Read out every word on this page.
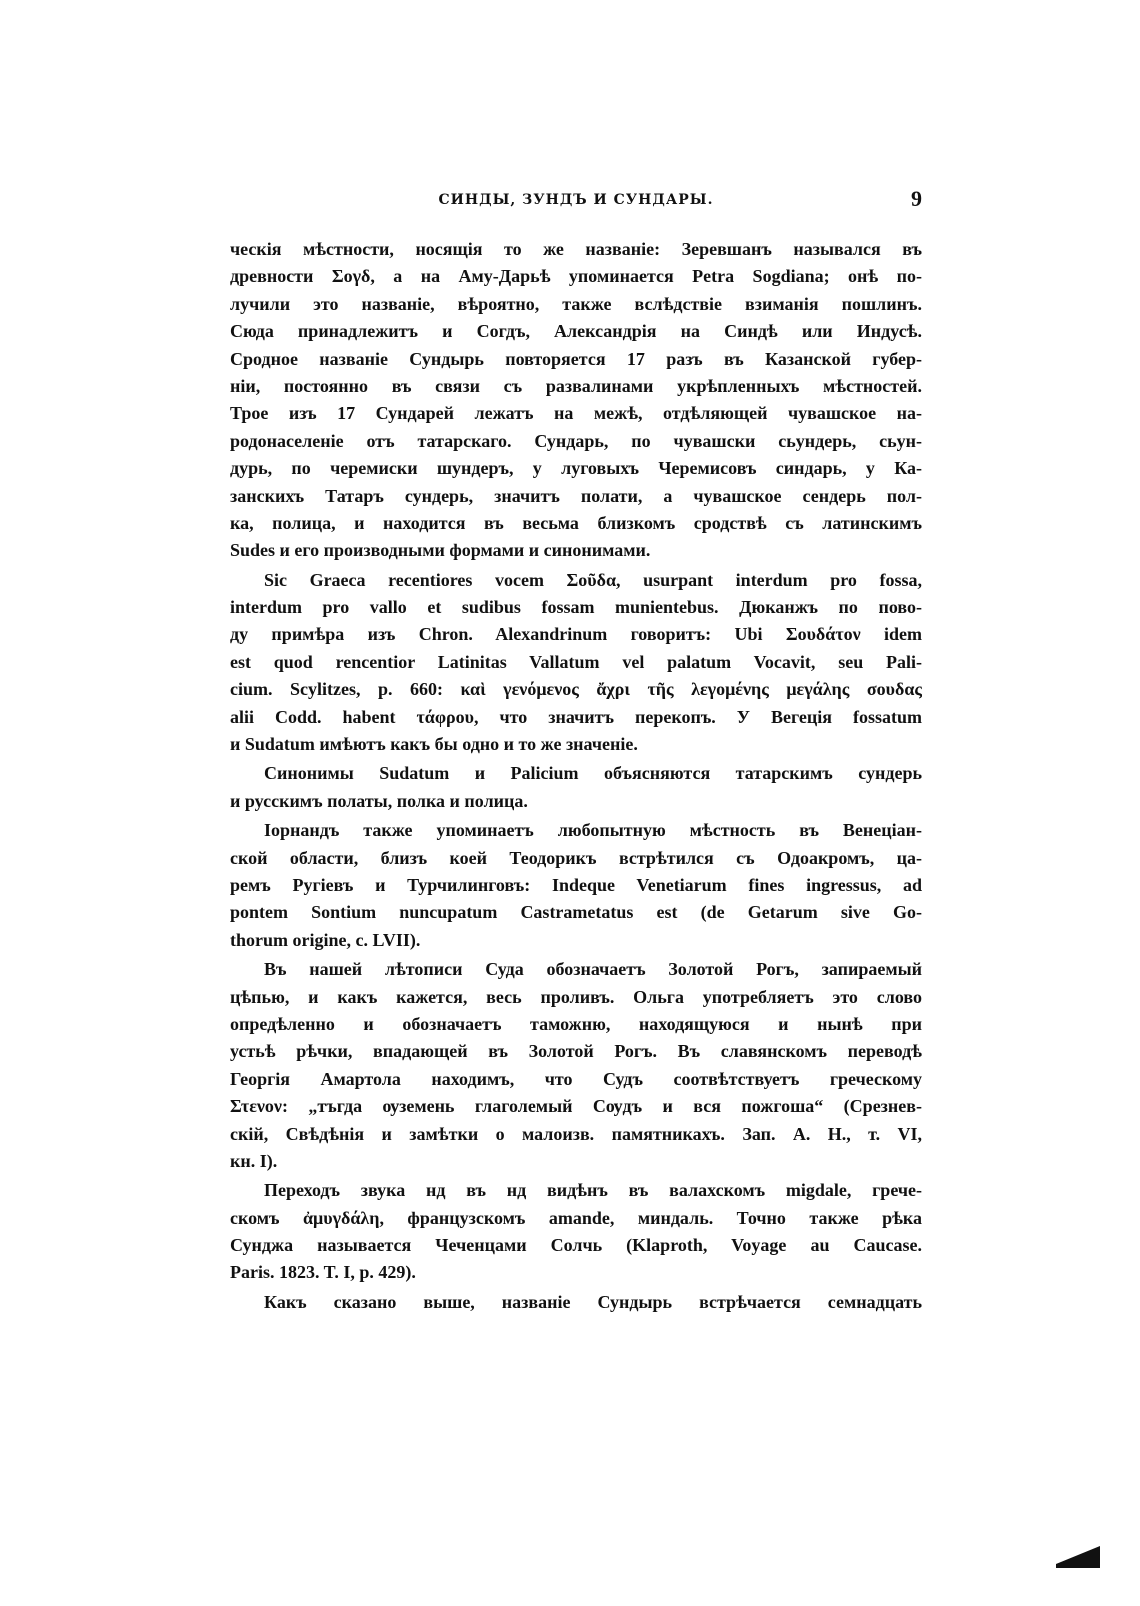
СИНДЫ, ЗУНДЪ И СУНДАРЫ.	9
ческія мѣстности, носящія то же названіе: Зеревшанъ назывался въ
древности Σογδ, а на Аму-Дарьѣ упоминается Petra Sogdiana; онѣ по-
лучили это названіе, вѣроятно, также вслѣдствіе взиманія пошлинъ.
Сюда принадлежитъ и Согдъ, Александрія на Синдѣ или Индусѣ.
Сродное названіе Сундырь повторяется 17 разъ въ Казанской губер-
ніи, постоянно въ связи съ развалинами укрѣпленныхъ мѣстностей.
Трое изъ 17 Сундарей лежатъ на межѣ, отдѣляющей чувашское на-
родонаселеніе отъ татарскаго. Сундарь, по чувашски сьундерь, сьун-
дурь, по черемиски шундеръ, у луговыхъ Черемисовъ синдарь, у Ка-
занскихъ Татаръ сундерь, значитъ полати, а чувашское сендерь пол-
ка, полица, и находится въ весьма близкомъ сродствѣ съ латинскимъ
Sudes и его производными формами и синонимами.
Sic Graeca recentiores vocem Σοῦδα, usurpant interdum pro fossa,
interdum pro vallo et sudibus fossam munientebus. Дюканжъ по пово-
ду примѣра изъ Chron. Alexandrinum говоритъ: Ubi Σουδάτον idem
est quod rencentior Latinitas Vallatum vel palatum Vocavit, seu Pali-
cium. Scylitzes, p. 660: καὶ γενόμενος ἄχρι τῆς λεγομένης μεγάλης σουδας
alii Codd. habent τάφρου, что значитъ перекопъ. У Вегеція fossatum
и Sudatum имѣютъ какъ бы одно и то же значеніе.
Синонимы Sudatum и Palicium объясняются татарскимъ сундерь
и русскимъ полаты, полка и полица.
Іорнандъ также упоминаетъ любопытную мѣстность въ Венеціан-
ской области, близъ коей Теодорикъ встрѣтился съ Одоакромъ, ца-
ремъ Ругіевъ и Турчилинговъ: Indeque Venetiarum fines ingressus, ad
pontem Sontium nuncupatum Castrametatus est (de Getarum sive Go-
thorum origine, c. LVII).
Въ нашей лѣтописи Суда обозначаетъ Золотой Рогъ, запираемый
цѣпью, и какъ кажется, весь проливъ. Ольга употребляетъ это слово
опредѣленно и обозначаетъ таможню, находящуюся и нынѣ при
устьѣ рѣчки, впадающей въ Золотой Рогъ. Въ славянскомъ переводѣ
Георгія Амартола находимъ, что Судъ соотвѣтствуетъ греческому
Στενον: „тъгда ѹземень глаголемый Сѹдъ и вся пожгоша“ (Срезнев-
скій, Свѣдѣнія и замѣтки о малоизв. памятникахъ. Зап. А. Н., т. VI,
кн. I).
Переходъ звука нд въ нд видѣнъ въ валахскомъ migdale, грече-
скомъ ἀμυγδάλη, французскомъ amande, миндаль. Точно также рѣка
Сунджа называется Чеченцами Солчь (Klaproth, Voyage au Caucase.
Paris. 1823. T. I, p. 429).
Какъ сказано выше, названіе Сундырь встрѣчается семнадцать
